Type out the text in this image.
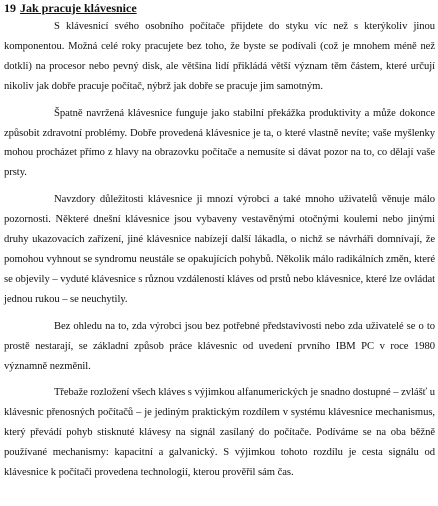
19 Jak pracuje klávesnice

S klávesnicí svého osobního počítače přijdete do styku víc než s kterýkoliv jinou komponentou. Možná celé roky pracujete bez toho, že byste se podívali (což je mnohem méně než dotkli) na procesor nebo pevný disk, ale většina lidí přikládá větší význam těm částem, které určují nikoliv jak dobře pracuje počítač, nýbrž jak dobře se pracuje jim samotným.

Špatně navržená klávesnice funguje jako stabilní překážka produktivity a může dokonce způsobit zdravotní problémy. Dobře provedená klávesnice je ta, o které vlastně nevíte; vaše myšlenky mohou procházet přímo z hlavy na obrazovku počítače a nemusíte si dávat pozor na to, co dělají vaše prsty.

Navzdory důležitosti klávesnice ji mnozí výrobci a také mnoho uživatelů věnuje málo pozornosti. Některé dnešní klávesnice jsou vybaveny vestavěnými otočnými koulemi nebo jinými druhy ukazovacích zařízení, jiné klávesnice nabízejí další lákadla, o nichž se návrháři domnívají, že pomohou vyhnout se syndromu neustále se opakujících pohybů. Několik málo radikálních změn, které se objevily – vyduté klávesnice s různou vzdáleností kláves od prstů nebo klávesnice, které lze ovládat jednou rukou – se neuchytily.

Bez ohledu na to, zda výrobci jsou bez potřebné představivosti nebo zda uživatelé se o to prostě nestarají, se základní způsob práce klávesnic od uvedení prvního IBM PC v roce 1980 významně nezměnil.

Třebaže rozložení všech kláves s výjimkou alfanumerických je snadno dostupné – zvlášť u klávesnic přenosných počítačů – je jediným praktickým rozdílem v systému klávesnice mechanismus, který převádí pohyb stisknuté klávesy na signál zasílaný do počítače. Podíváme se na oba běžně používané mechanismy: kapacitní a galvanický. S výjimkou tohoto rozdílu je cesta signálu od klávesnice k počítači provedena technologií, kterou prověřil sám čas.
